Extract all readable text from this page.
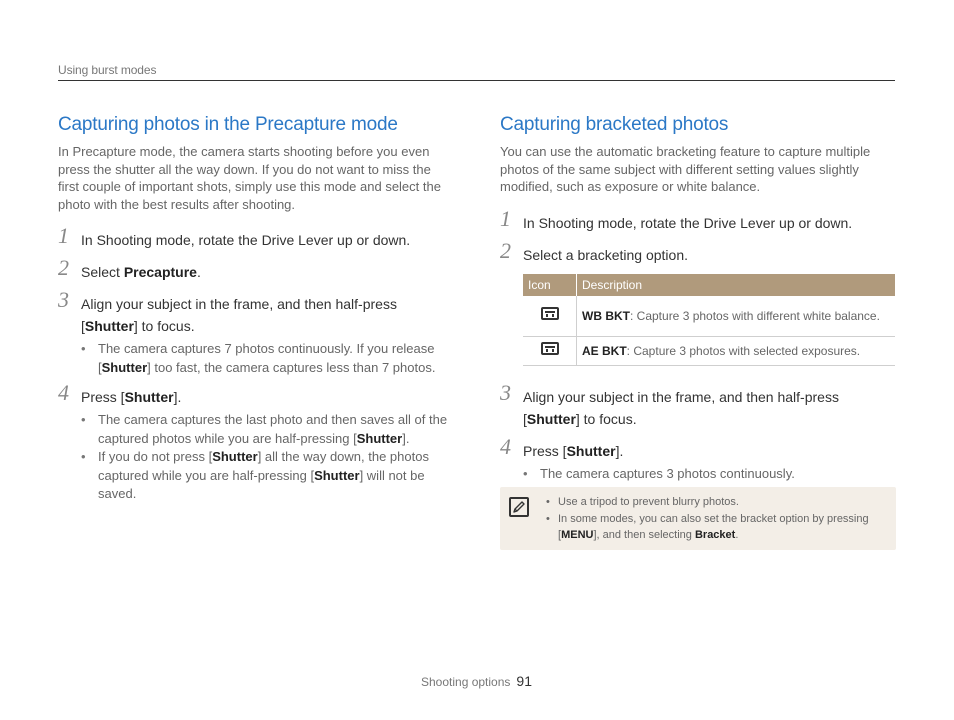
Using burst modes
Capturing photos in the Precapture mode

In Precapture mode, the camera starts shooting before you even press the shutter all the way down. If you do not want to miss the first couple of important shots, simply use this mode and select the photo with the best results after shooting.

1 In Shooting mode, rotate the Drive Lever up or down.
2 Select Precapture.
3 Align your subject in the frame, and then half-press [Shutter] to focus.
• The camera captures 7 photos continuously. If you release [Shutter] too fast, the camera captures less than 7 photos.
4 Press [Shutter].
• The camera captures the last photo and then saves all of the captured photos while you are half-pressing [Shutter].
• If you do not press [Shutter] all the way down, the photos captured while you are half-pressing [Shutter] will not be saved.
Capturing bracketed photos

You can use the automatic bracketing feature to capture multiple photos of the same subject with different setting values slightly modified, such as exposure or white balance.

1 In Shooting mode, rotate the Drive Lever up or down.
2 Select a bracketing option.
Icon	Description
	WB BKT: Capture 3 photos with different white balance.
	AE BKT: Capture 3 photos with selected exposures.
3 Align your subject in the frame, and then half-press [Shutter] to focus.
4 Press [Shutter].
• The camera captures 3 photos continuously.
• Use a tripod to prevent blurry photos.
• In some modes, you can also set the bracket option by pressing [MENU], and then selecting Bracket.
Shooting options 91
